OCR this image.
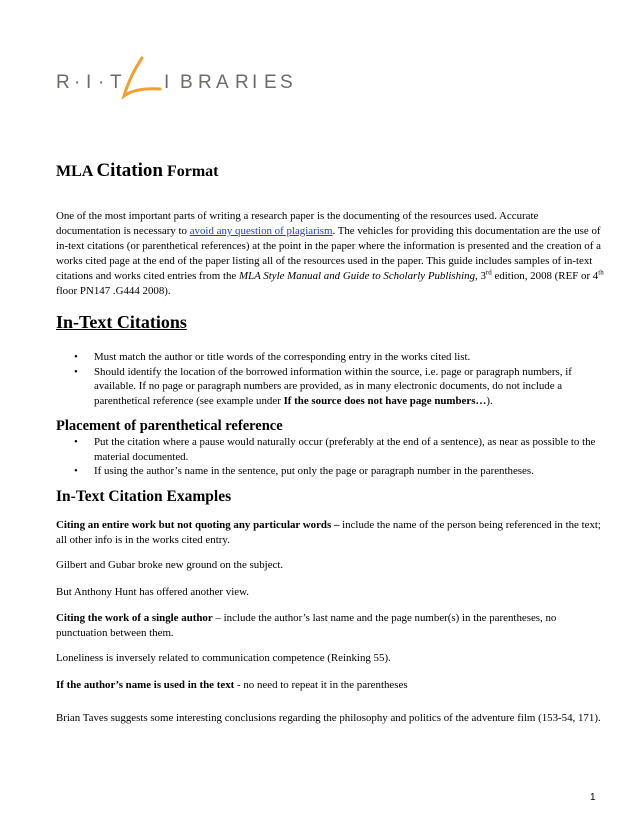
R · I · T I B R A R I E S
MLA Citation Format

One of the most important parts of writing a research paper is the documenting of the resources used. Accurate documentation is necessary to avoid any question of plagiarism. The vehicles for providing this documentation are the use of in-text citations (or parenthetical references) at the point in the paper where the information is presented and the creation of a works cited page at the end of the paper listing all of the resources used in the paper. This guide includes samples of in-text citations and works cited entries from the MLA Style Manual and Guide to Scholarly Publishing, 3rd edition, 2008 (REF or 4th floor PN147 .G444 2008).

In-Text Citations
• Must match the author or title words of the corresponding entry in the works cited list.
• Should identify the location of the borrowed information within the source, i.e. page or paragraph numbers, if available. If no page or paragraph numbers are provided, as in many electronic documents, do not include a parenthetical reference (see example under If the source does not have page numbers…).
Placement of parenthetical reference
• Put the citation where a pause would naturally occur (preferably at the end of a sentence), as near as possible to the material documented.
• If using the author’s name in the sentence, put only the page or paragraph number in the parentheses.
In-Text Citation Examples

Citing an entire work but not quoting any particular words – include the name of the person being referenced in the text; all other info is in the works cited entry.

Gilbert and Gubar broke new ground on the subject.

But Anthony Hunt has offered another view.

Citing the work of a single author – include the author’s last name and the page number(s) in the parentheses, no punctuation between them.

Loneliness is inversely related to communication competence (Reinking 55).

If the author’s name is used in the text - no need to repeat it in the parentheses

Brian Taves suggests some interesting conclusions regarding the philosophy and politics of the adventure film (153-54, 171).

1
